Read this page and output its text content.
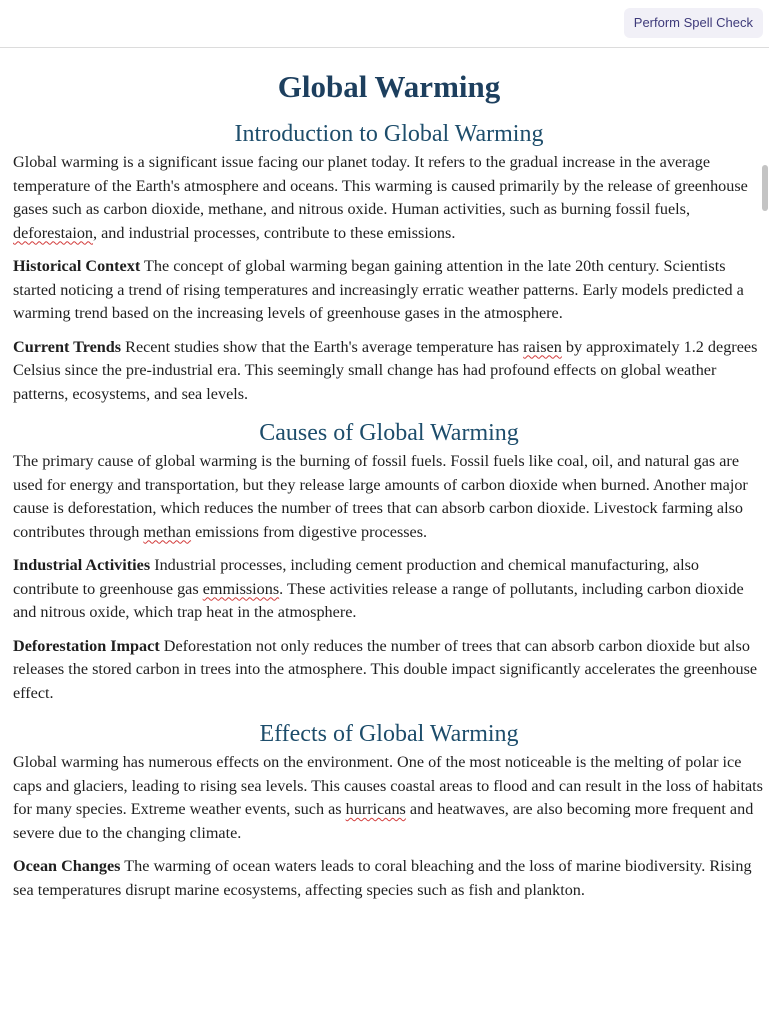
Perform Spell Check
Global Warming
Introduction to Global Warming

Global warming is a significant issue facing our planet today. It refers to the gradual increase in the average temperature of the Earth's atmosphere and oceans. This warming is caused primarily by the release of greenhouse gases such as carbon dioxide, methane, and nitrous oxide. Human activities, such as burning fossil fuels, deforestaion, and industrial processes, contribute to these emissions.

Historical Context The concept of global warming began gaining attention in the late 20th century. Scientists started noticing a trend of rising temperatures and increasingly erratic weather patterns. Early models predicted a warming trend based on the increasing levels of greenhouse gases in the atmosphere.

Current Trends Recent studies show that the Earth's average temperature has raisen by approximately 1.2 degrees Celsius since the pre-industrial era. This seemingly small change has had profound effects on global weather patterns, ecosystems, and sea levels.

Causes of Global Warming

The primary cause of global warming is the burning of fossil fuels. Fossil fuels like coal, oil, and natural gas are used for energy and transportation, but they release large amounts of carbon dioxide when burned. Another major cause is deforestation, which reduces the number of trees that can absorb carbon dioxide. Livestock farming also contributes through methan emissions from digestive processes.

Industrial Activities Industrial processes, including cement production and chemical manufacturing, also contribute to greenhouse gas emmissions. These activities release a range of pollutants, including carbon dioxide and nitrous oxide, which trap heat in the atmosphere.

Deforestation Impact Deforestation not only reduces the number of trees that can absorb carbon dioxide but also releases the stored carbon in trees into the atmosphere. This double impact significantly accelerates the greenhouse effect.

Effects of Global Warming

Global warming has numerous effects on the environment. One of the most noticeable is the melting of polar ice caps and glaciers, leading to rising sea levels. This causes coastal areas to flood and can result in the loss of habitats for many species. Extreme weather events, such as hurricans and heatwaves, are also becoming more frequent and severe due to the changing climate.

Ocean Changes The warming of ocean waters leads to coral bleaching and the loss of marine biodiversity. Rising sea temperatures disrupt marine ecosystems, affecting species such as fish and plankton.
